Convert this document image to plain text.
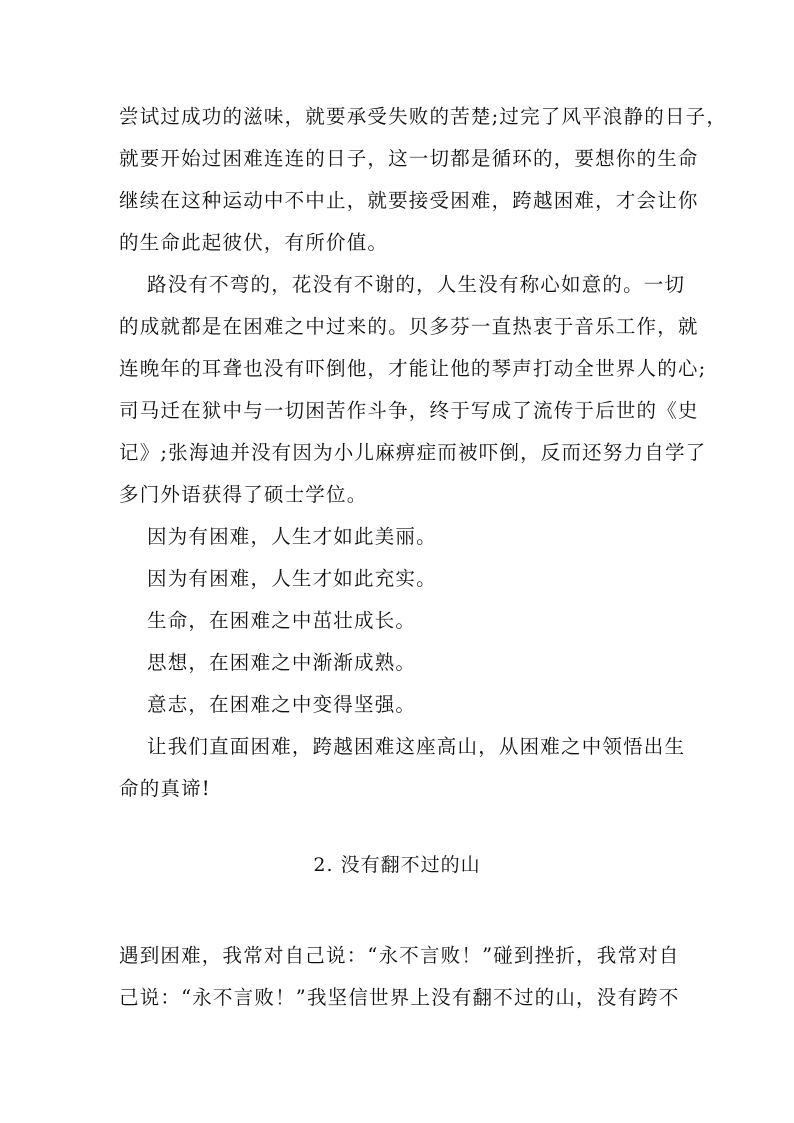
尝试过成功的滋味，就要承受失败的苦楚;过完了风平浪静的日子，
就要开始过困难连连的日子，这一切都是循环的，要想你的生命
继续在这种运动中不中止，就要接受困难，跨越困难，才会让你
的生命此起彼伏，有所价值。
路没有不弯的，花没有不谢的，人生没有称心如意的。一切
的成就都是在困难之中过来的。贝多芬一直热衷于音乐工作，就
连晚年的耳聋也没有吓倒他，才能让他的琴声打动全世界人的心;
司马迁在狱中与一切困苦作斗争，终于写成了流传于后世的《史
记》;张海迪并没有因为小儿麻痹症而被吓倒，反而还努力自学了
多门外语获得了硕士学位。
因为有困难，人生才如此美丽。
因为有困难，人生才如此充实。
生命，在困难之中茁壮成长。
思想，在困难之中渐渐成熟。
意志，在困难之中变得坚强。
让我们直面困难，跨越困难这座高山，从困难之中领悟出生
命的真谛!
2. 没有翻不过的山
遇到困难，我常对自己说：“永不言败！”碰到挫折，我常对自
己说：“永不言败！”我坚信世界上没有翻不过的山，没有跨不
